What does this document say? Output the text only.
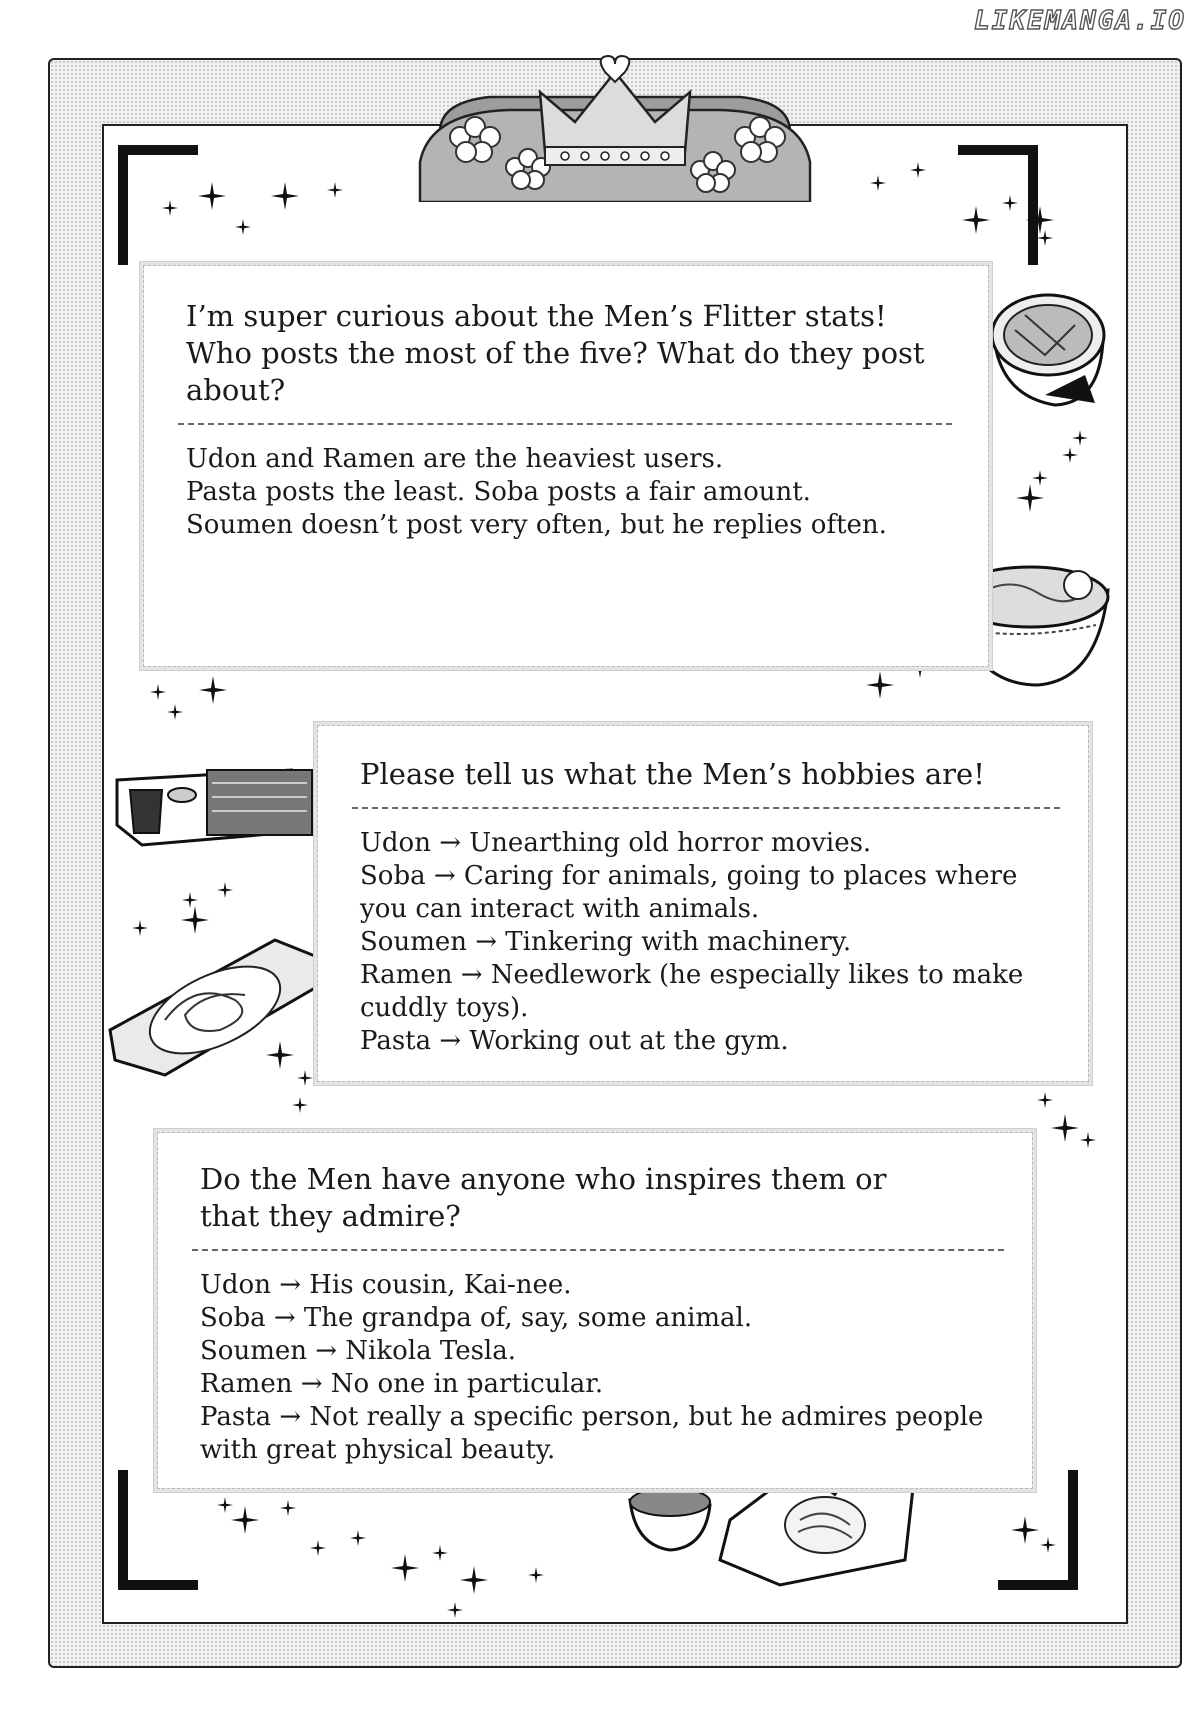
LIKEMANGA.IO
I’m super curious about the Men’s Flitter stats!
Who posts the most of the five? What do they post
about?
Udon and Ramen are the heaviest users.
Pasta posts the least. Soba posts a fair amount.
Soumen doesn’t post very often, but he replies often.
Please tell us what the Men’s hobbies are!
Udon → Unearthing old horror movies.
Soba → Caring for animals, going to places where
you can interact with animals.
Soumen → Tinkering with machinery.
Ramen → Needlework (he especially likes to make
cuddly toys).
Pasta → Working out at the gym.
Do the Men have anyone who inspires them or
that they admire?
Udon → His cousin, Kai-nee.
Soba → The grandpa of, say, some animal.
Soumen → Nikola Tesla.
Ramen → No one in particular.
Pasta → Not really a specific person, but he admires people
with great physical beauty.
